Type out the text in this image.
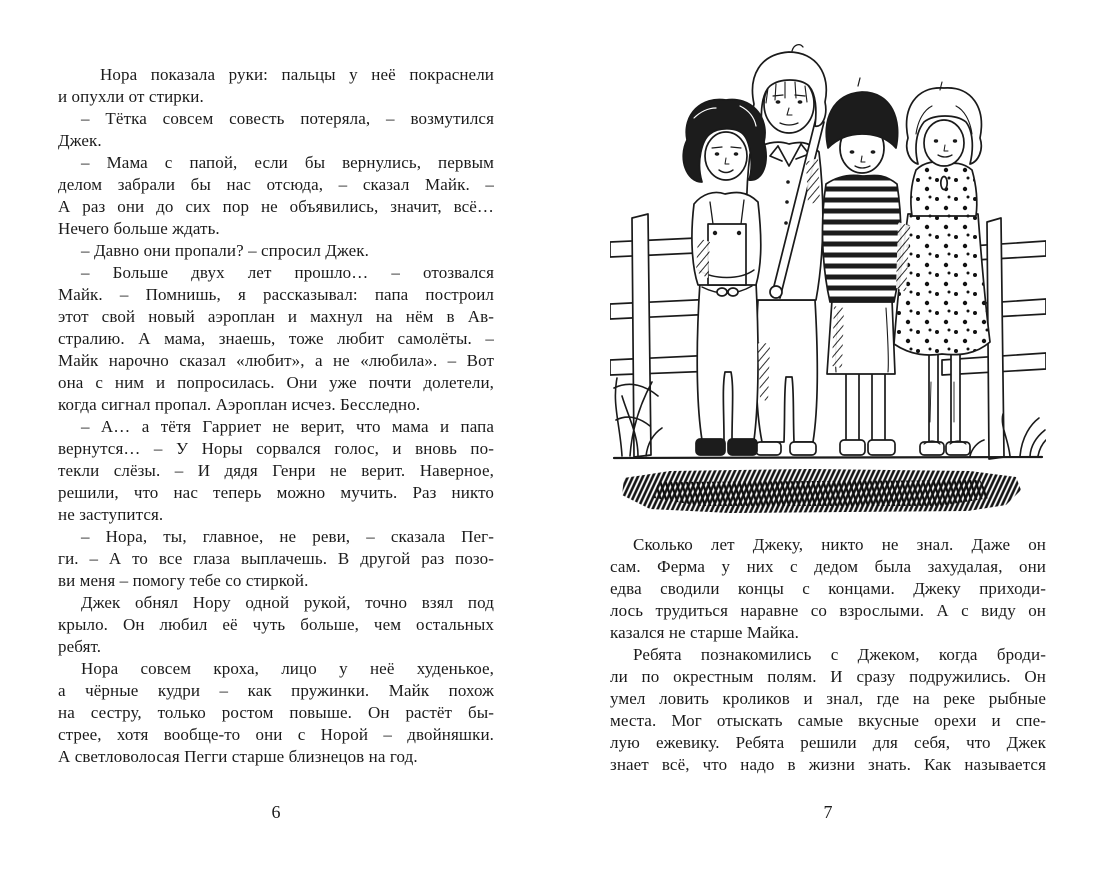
Нора показала руки: пальцы у неё покраснели
и опухли от стирки.
– Тётка совсем совесть потеряла, – возмутился
Джек.
– Мама с папой, если бы вернулись, первым
делом забрали бы нас отсюда, – сказал Майк. –
А раз они до сих пор не объявились, значит, всё…
Нечего больше ждать.
– Давно они пропали? – спросил Джек.
– Больше двух лет прошло… – отозвался
Майк. – Помнишь, я рассказывал: папа построил
этот свой новый аэроплан и махнул на нём в Ав-
стралию. А мама, знаешь, тоже любит самолёты. –
Майк нарочно сказал «любит», а не «любила». – Вот
она с ним и попросилась. Они уже почти долетели,
когда сигнал пропал. Аэроплан исчез. Бесследно.
– А… а тётя Гарриет не верит, что мама и папа
вернутся… – У Норы сорвался голос, и вновь по-
текли слёзы. – И дядя Генри не верит. Наверное,
решили, что нас теперь можно мучить. Раз никто
не заступится.
– Нора, ты, главное, не реви, – сказала Пег-
ги. – А то все глаза выплачешь. В другой раз позо-
ви меня – помогу тебе со стиркой.
Джек обнял Нору одной рукой, точно взял под
крыло. Он любил её чуть больше, чем остальных
ребят.
Нора совсем кроха, лицо у неё худенькое,
а чёрные кудри – как пружинки. Майк похож
на сестру, только ростом повыше. Он растёт бы-
стрее, хотя вообще-то они с Норой – двойняшки.
А светловолосая Пегги старше близнецов на год.
Сколько лет Джеку, никто не знал. Даже он
сам. Ферма у них с дедом была захудалая, они
едва сводили концы с концами. Джеку приходи-
лось трудиться наравне со взрослыми. А с виду он
казался не старше Майка.
Ребята познакомились с Джеком, когда броди-
ли по окрестным полям. И сразу подружились. Он
умел ловить кроликов и знал, где на реке рыбные
места. Мог отыскать самые вкусные орехи и спе-
лую ежевику. Ребята решили для себя, что Джек
знает всё, что надо в жизни знать. Как называется
6	7
